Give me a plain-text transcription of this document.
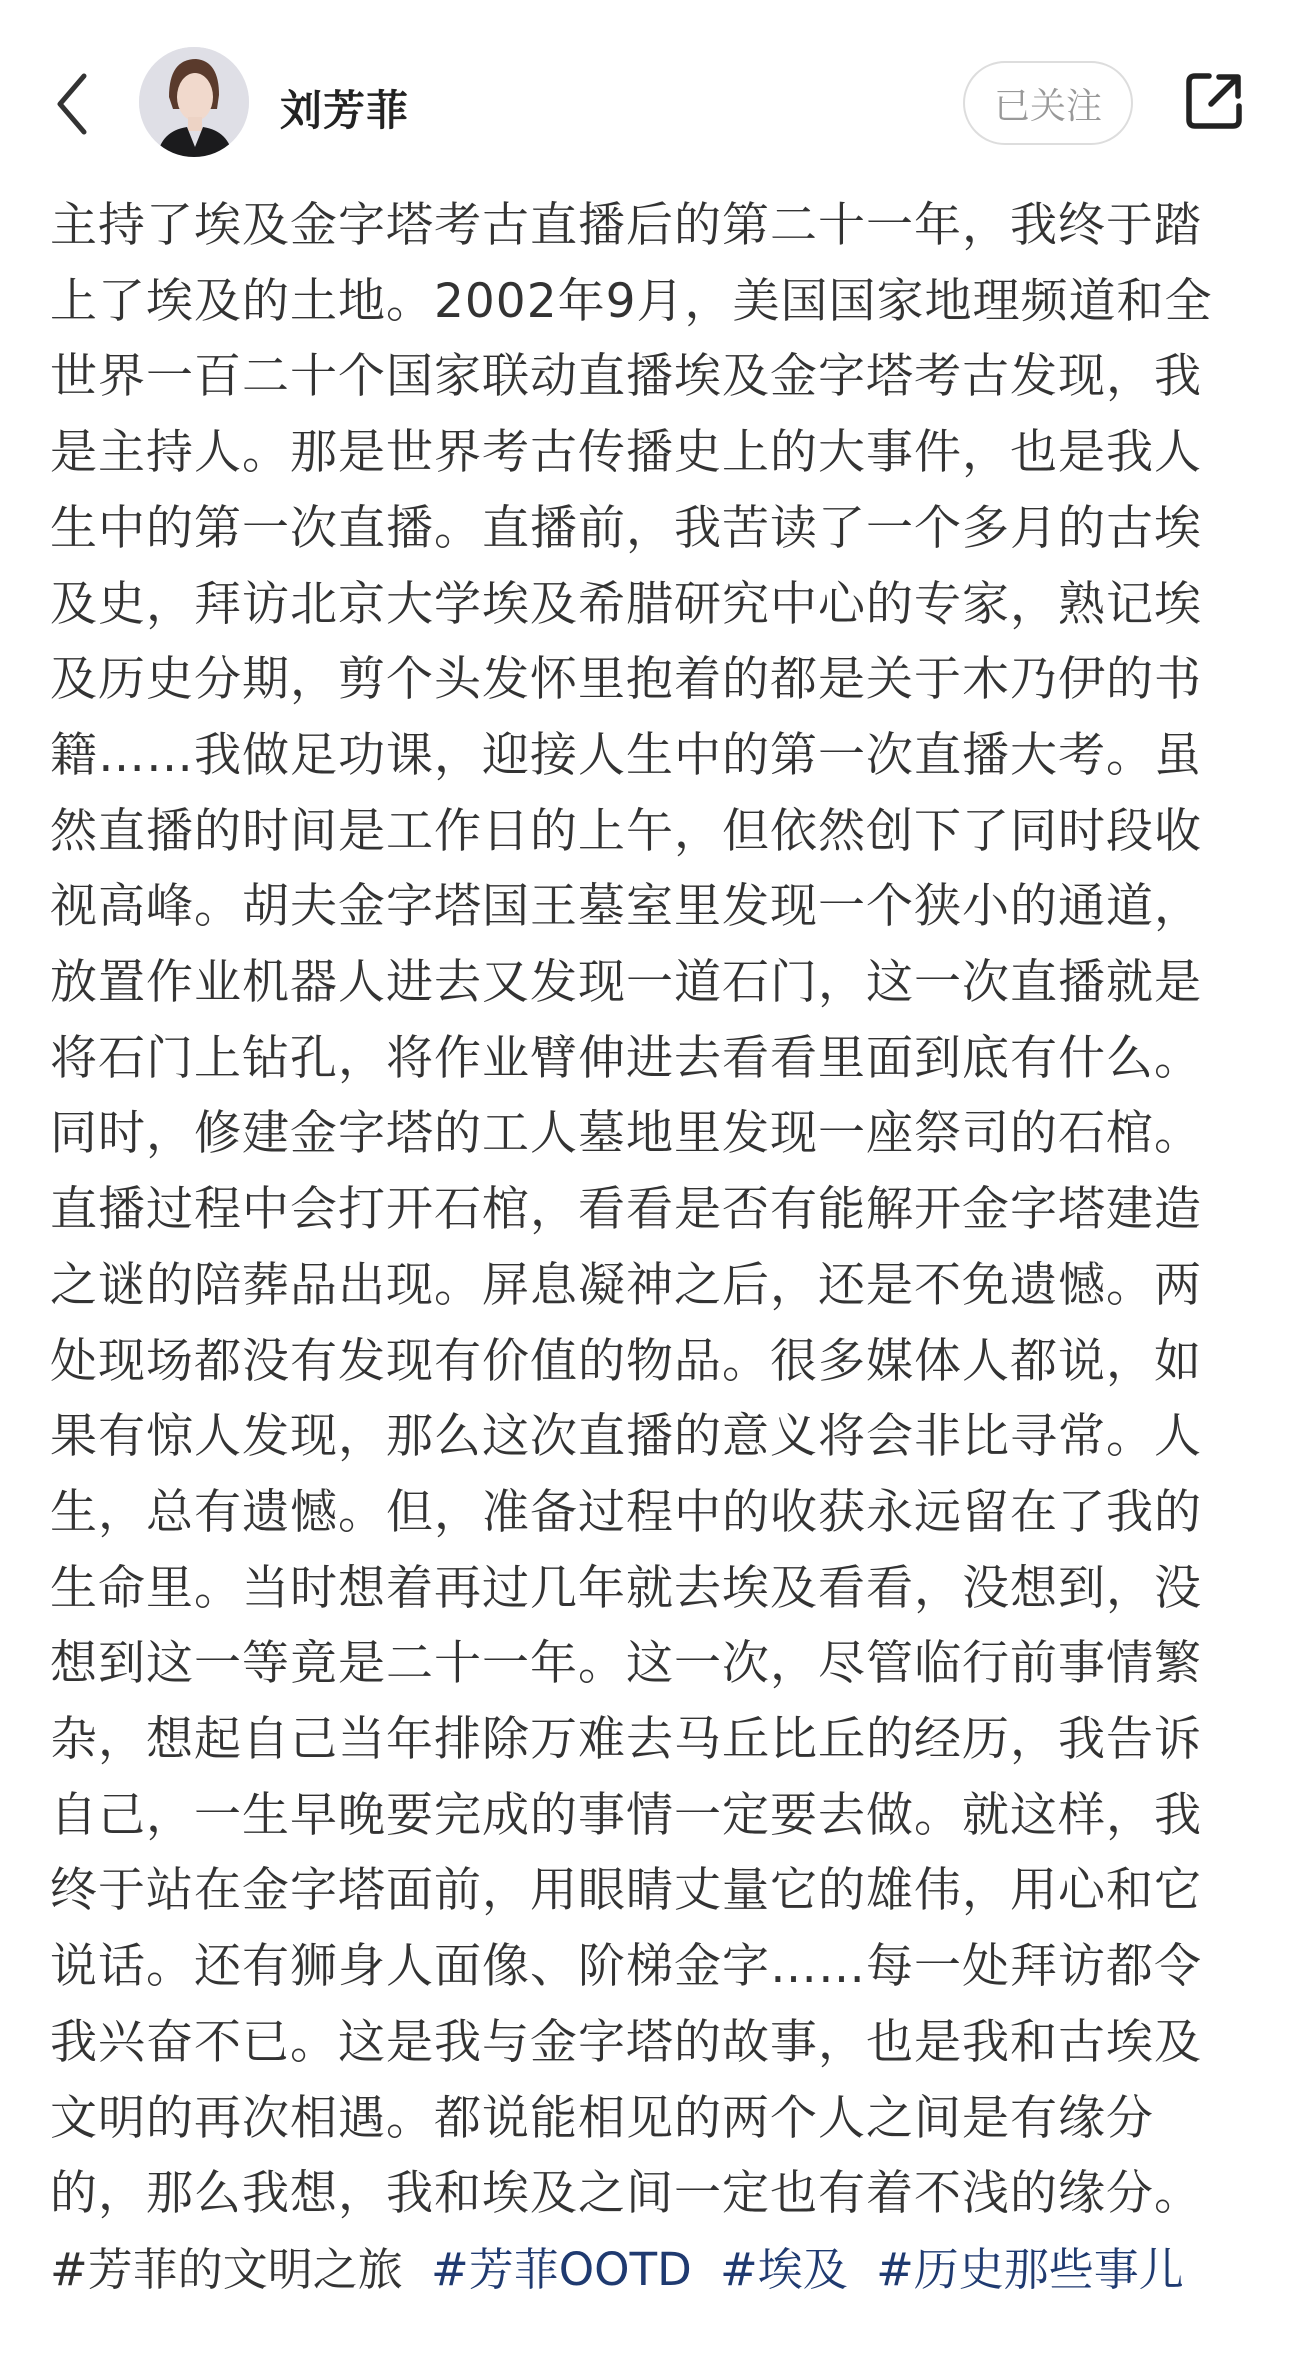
刘芳菲	已关注
主持了埃及金字塔考古直播后的第二十一年，我终于踏
上了埃及的土地。2002年9月，美国国家地理频道和全
世界一百二十个国家联动直播埃及金字塔考古发现，我
是主持人。那是世界考古传播史上的大事件，也是我人
生中的第一次直播。直播前，我苦读了一个多月的古埃
及史，拜访北京大学埃及希腊研究中心的专家，熟记埃
及历史分期，剪个头发怀里抱着的都是关于木乃伊的书
籍……我做足功课，迎接人生中的第一次直播大考。虽
然直播的时间是工作日的上午，但依然创下了同时段收
视高峰。胡夫金字塔国王墓室里发现一个狭小的通道，
放置作业机器人进去又发现一道石门，这一次直播就是
将石门上钻孔，将作业臂伸进去看看里面到底有什么。
同时，修建金字塔的工人墓地里发现一座祭司的石棺。
直播过程中会打开石棺，看看是否有能解开金字塔建造
之谜的陪葬品出现。屏息凝神之后，还是不免遗憾。两
处现场都没有发现有价值的物品。很多媒体人都说，如
果有惊人发现，那么这次直播的意义将会非比寻常。人
生，总有遗憾。但，准备过程中的收获永远留在了我的
生命里。当时想着再过几年就去埃及看看，没想到，没
想到这一等竟是二十一年。这一次，尽管临行前事情繁
杂，想起自己当年排除万难去马丘比丘的经历，我告诉
自己，一生早晚要完成的事情一定要去做。就这样，我
终于站在金字塔面前，用眼睛丈量它的雄伟，用心和它
说话。还有狮身人面像、阶梯金字……每一处拜访都令
我兴奋不已。这是我与金字塔的故事，也是我和古埃及
文明的再次相遇。都说能相见的两个人之间是有缘分
的，那么我想，我和埃及之间一定也有着不浅的缘分。
#芳菲的文明之旅 #芳菲OOTD #埃及 #历史那些事儿
